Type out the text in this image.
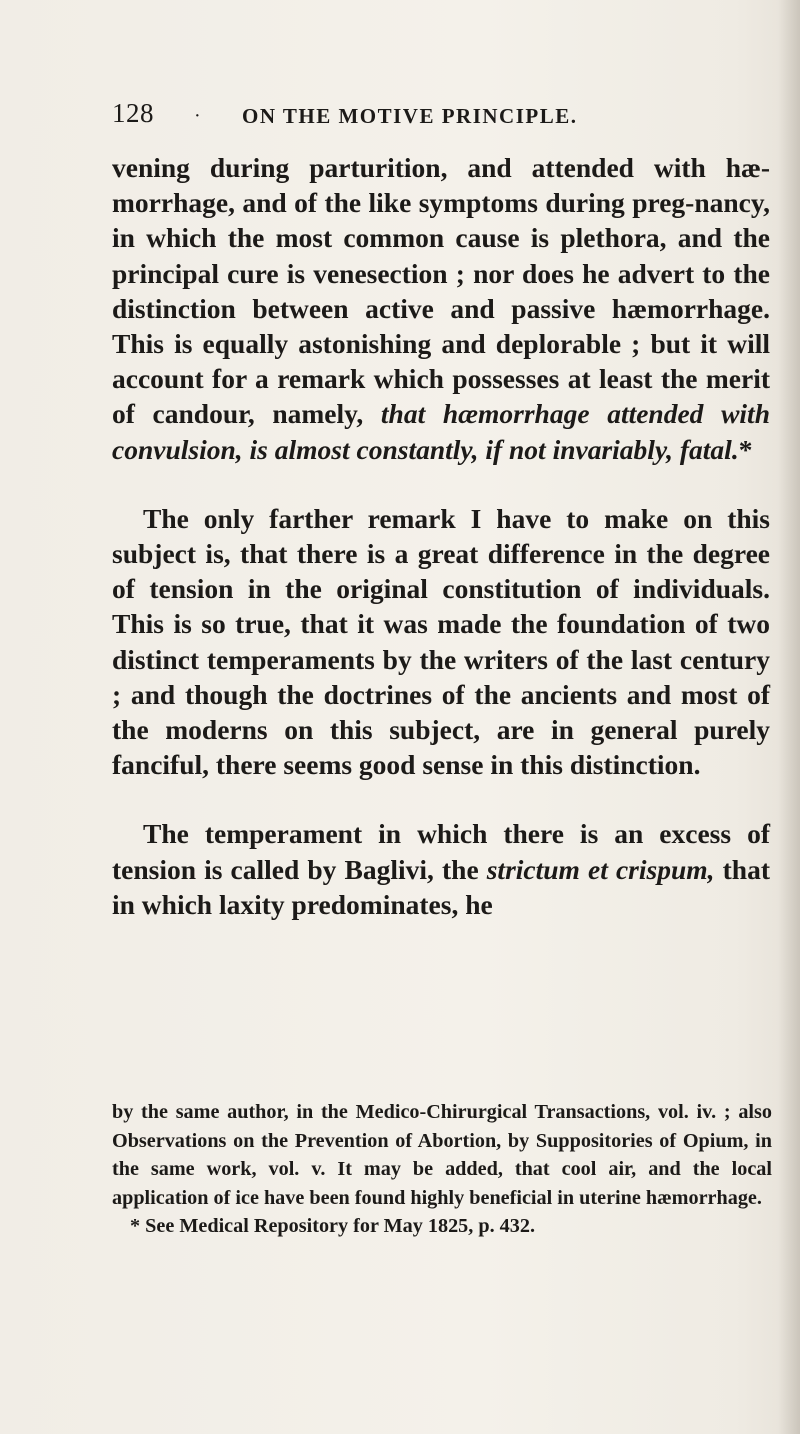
128 · ON THE MOTIVE PRINCIPLE.

vening during parturition, and attended with hæ-morrhage, and of the like symptoms during preg-nancy, in which the most common cause is plethora, and the principal cure is venesection ; nor does he advert to the distinction between active and passive hæmorrhage. This is equally astonishing and deplorable ; but it will account for a remark which possesses at least the merit of candour, namely, that hæmorrhage attended with convulsion, is almost constantly, if not invariably, fatal.*

The only farther remark I have to make on this subject is, that there is a great difference in the degree of tension in the original constitution of individuals. This is so true, that it was made the foundation of two distinct temperaments by the writers of the last century ; and though the doctrines of the ancients and most of the moderns on this subject, are in general purely fanciful, there seems good sense in this distinction.

The temperament in which there is an excess of tension is called by Baglivi, the strictum et crispum, that in which laxity predominates, he

by the same author, in the Medico-Chirurgical Transactions, vol. iv. ; also Observations on the Prevention of Abortion, by Suppositories of Opium, in the same work, vol. v. It may be added, that cool air, and the local application of ice have been found highly beneficial in uterine hæmorrhage.

* See Medical Repository for May 1825, p. 432.
